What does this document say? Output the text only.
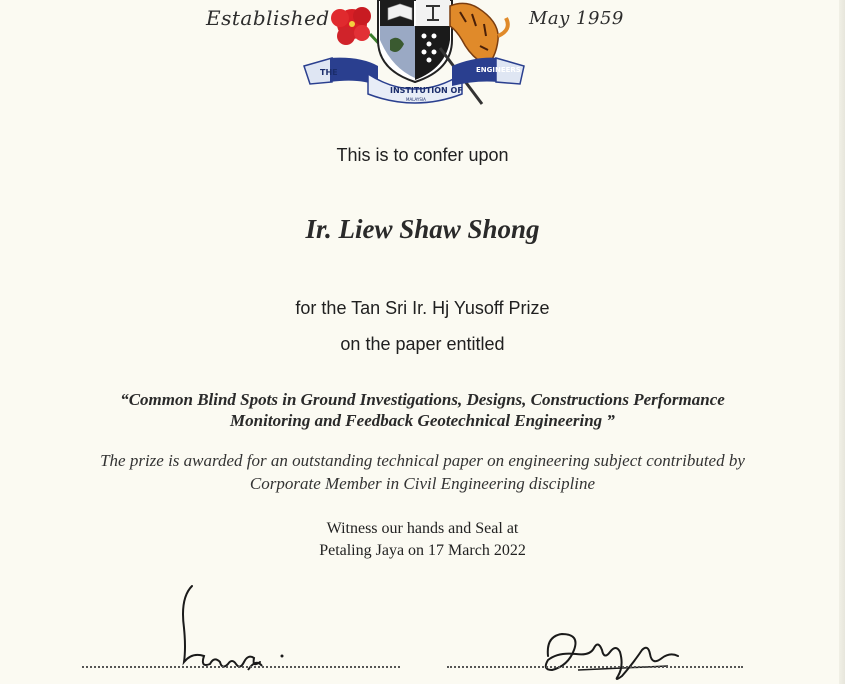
Established	May 1959
THE
INSTITUTION OF
ENGINEERS
MALAYSIA
This is to confer upon
Ir. Liew Shaw Shong
for the Tan Sri Ir. Hj Yusoff Prize
on the paper entitled
“Common Blind Spots in Ground Investigations, Designs, Constructions Performance
Monitoring and Feedback Geotechnical Engineering ”
The prize is awarded for an outstanding technical paper on engineering subject contributed by
Corporate Member in Civil Engineering discipline
Witness our hands and Seal at
Petaling Jaya on 17 March 2022
